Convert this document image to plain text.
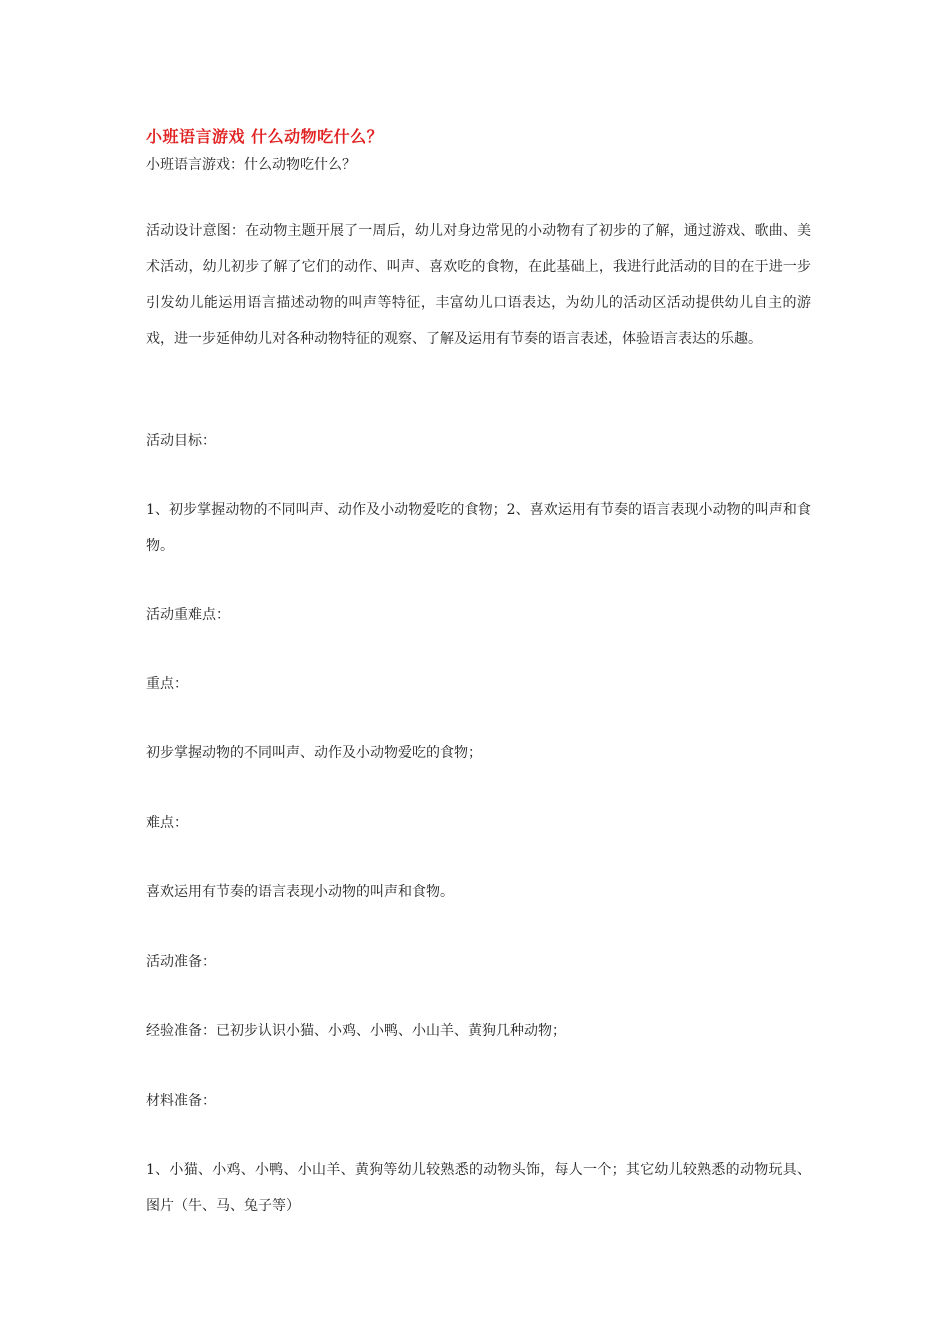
小班语言游戏 什么动物吃什么？
小班语言游戏：什么动物吃什么？
活动设计意图：在动物主题开展了一周后，幼儿对身边常见的小动物有了初步的了解，通过游戏、歌曲、美术活动，幼儿初步了解了它们的动作、叫声、喜欢吃的食物，在此基础上，我进行此活动的目的在于进一步引发幼儿能运用语言描述动物的叫声等特征，丰富幼儿口语表达，为幼儿的活动区活动提供幼儿自主的游戏，进一步延伸幼儿对各种动物特征的观察、了解及运用有节奏的语言表述，体验语言表达的乐趣。
活动目标：
1、初步掌握动物的不同叫声、动作及小动物爱吃的食物；2、喜欢运用有节奏的语言表现小动物的叫声和食物。
活动重难点：
重点：
初步掌握动物的不同叫声、动作及小动物爱吃的食物；
难点：
喜欢运用有节奏的语言表现小动物的叫声和食物。
活动准备：
经验准备：已初步认识小猫、小鸡、小鸭、小山羊、黄狗几种动物；
材料准备：
1、小猫、小鸡、小鸭、小山羊、黄狗等幼儿较熟悉的动物头饰，每人一个；其它幼儿较熟悉的动物玩具、图片（牛、马、兔子等）
